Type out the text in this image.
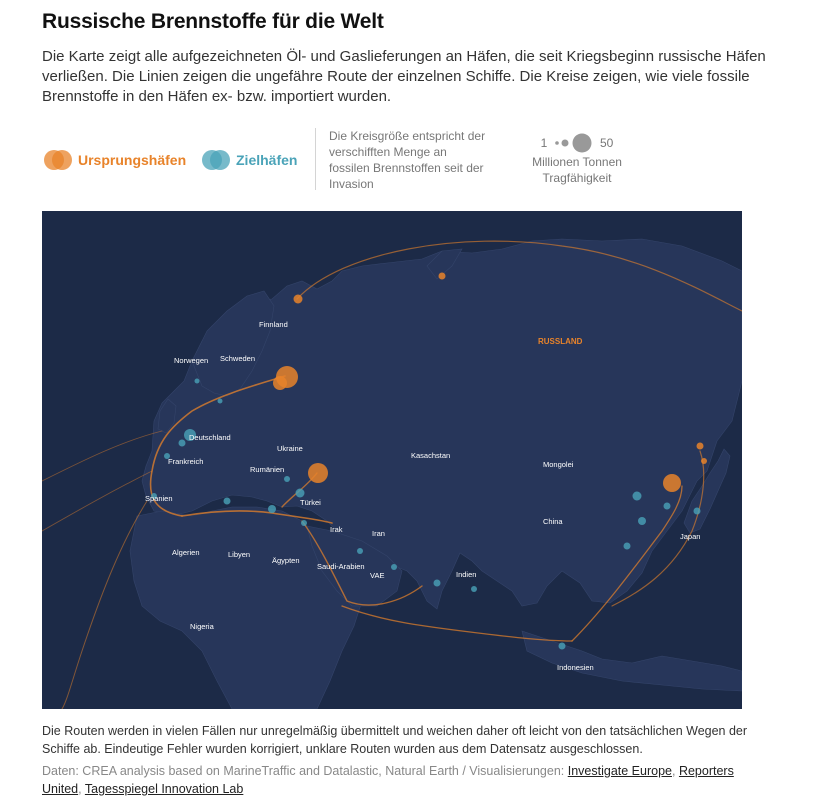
Russische Brennstoffe für die Welt
Die Karte zeigt alle aufgezeichneten Öl- und Gaslieferungen an Häfen, die seit Kriegsbeginn russische Häfen verließen. Die Linien zeigen die ungefähre Route der einzelnen Schiffe. Die Kreise zeigen, wie viele fossile Brennstoffe in den Häfen ex- bzw. importiert wurden.
Ursprungshäfen	Zielhäfen
Die Kreisgröße entspricht der verschifften Menge an fossilen Brennstoffen seit der Invasion
1	50
Millionen Tonnen Tragfähigkeit
RUSSLAND
Finnland
Norwegen Schweden
Deutschland
Ukraine
Frankreich
Rumänien
Spanien	Türkei
Kasachstan
Mongolei
China
Japan
Irak	Iran
Algerien	Libyen
Ägypten
Saudi-Arabien
VAE	Indien
Nigeria
Indonesien
Die Routen werden in vielen Fällen nur unregelmäßig übermittelt und weichen daher oft leicht von den tatsächlichen Wegen der Schiffe ab. Eindeutige Fehler wurden korrigiert, unklare Routen wurden aus dem Datensatz ausgeschlossen.
Daten: CREA analysis based on MarineTraffic and Datalastic, Natural Earth / Visualisierungen: Investigate Europe, Reporters United, Tagesspiegel Innovation Lab
